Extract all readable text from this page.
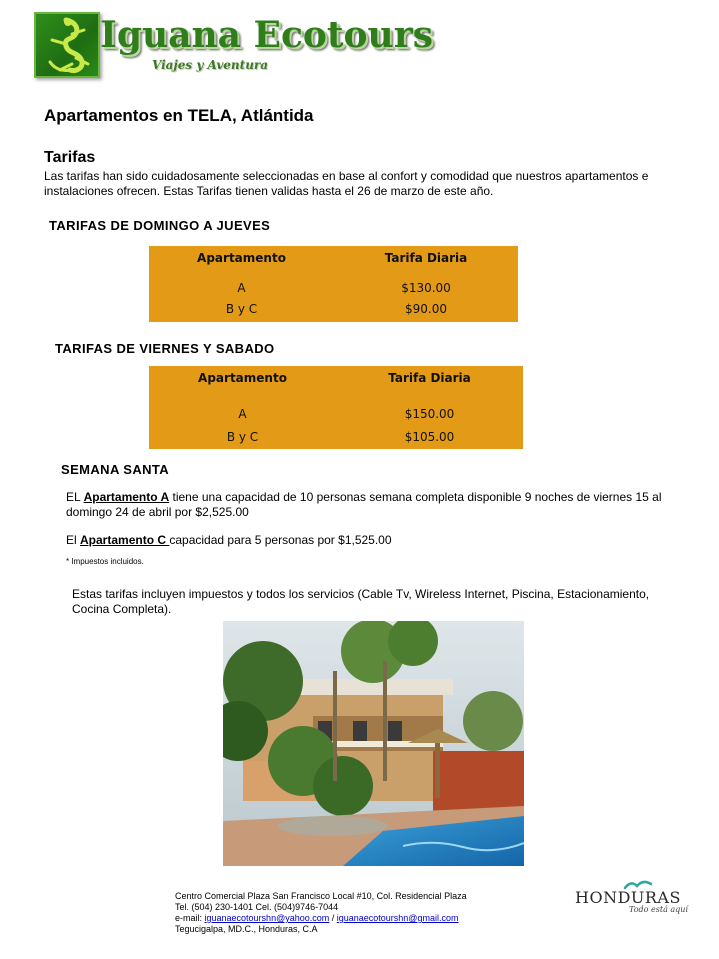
Iguana Ecotours
Viajes y Aventura
Apartamentos en TELA, Atlántida
Tarifas
Las tarifas han sido cuidadosamente seleccionadas en base al confort y comodidad que nuestros apartamentos e instalaciones ofrecen. Estas Tarifas tienen validas hasta el 26 de marzo de este año.
TARIFAS DE DOMINGO A JUEVES
Apartamento	Tarifa Diaria
A	$130.00
B y C	$90.00
TARIFAS DE VIERNES Y SABADO
Apartamento	Tarifa Diaria
A	$150.00
B y C	$105.00
SEMANA SANTA
EL Apartamento A tiene una capacidad de 10 personas semana completa disponible 9 noches de viernes 15 al domingo 24 de abril por $2,525.00
El Apartamento C capacidad para 5 personas por $1,525.00
* Impuestos incluidos.
Estas tarifas incluyen impuestos y todos los servicios (Cable Tv, Wireless Internet, Piscina, Estacionamiento, Cocina Completa).
Centro Comercial Plaza San Francisco Local #10, Col. Residencial Plaza
Tel. (504) 230-1401 Cel. (504)9746-7044
e-mail: iguanaecotourshn@yahoo.com / iguanaecotourshn@gmail.com
Tegucigalpa, MD.C., Honduras, C.A
HONDURAS
Todo está aquí
